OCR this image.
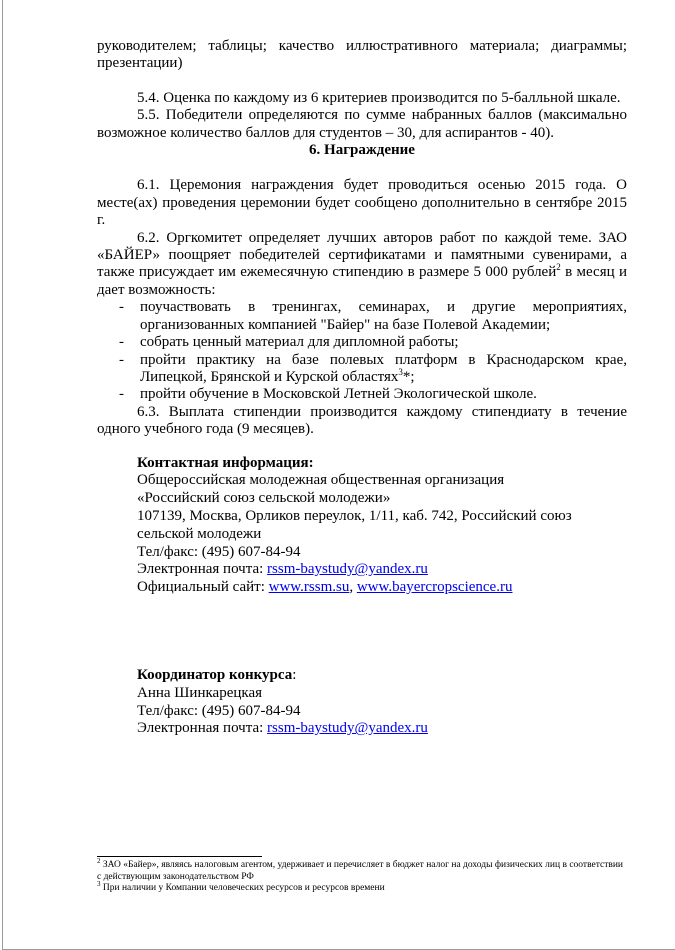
руководителем; таблицы; качество иллюстративного материала; диаграммы; презентации)

5.4. Оценка по каждому из 6 критериев производится по 5-балльной шкале.

5.5. Победители определяются по сумме набранных баллов (максимально возможное количество баллов для студентов – 30, для аспирантов - 40).

6. Награждение

6.1. Церемония награждения будет проводиться осенью 2015 года. О месте(ах) проведения церемонии будет сообщено дополнительно в сентябре 2015 г.

6.2. Оргкомитет определяет лучших авторов работ по каждой теме. ЗАО «БАЙЕР» поощряет победителей сертификатами и памятными сувенирами, а также присуждает им ежемесячную стипендию в размере 5 000 рублей$^2$ в месяц и дает возможность:

- поучаствовать в тренингах, семинарах, и другие мероприятиях, организованных компанией "Байер" на базе Полевой Академии;
- собрать ценный материал для дипломной работы;
- пройти практику на базе полевых платформ в Краснодарском крае, Липецкой, Брянской и Курской областях$^3$*;
- пройти обучение в Московской Летней Экологической школе.

6.3. Выплата стипендии производится каждому стипендиату в течение одного учебного года (9 месяцев).

Контактная информация:

Общероссийская молодежная общественная организация

«Российский союз сельской молодежи»

107139, Москва, Орликов переулок, 1/11, каб. 742, Российский союз сельской молодежи

Тел/факс: (495) 607-84-94

Электронная почта: rssm-baystudy@yandex.ru

Официальный сайт: www.rssm.su, www.bayercropscience.ru

Координатор конкурса:

Анна Шинкарецкая

Тел/факс: (495) 607-84-94

Электронная почта: rssm-baystudy@yandex.ru

$^2$ ЗАО «Байер», являясь налоговым агентом, удерживает и перечисляет в бюджет налог на доходы физических лиц в соответствии с действующим законодательством РФ

$^3$ При наличии у Компании человеческих ресурсов и ресурсов времени
